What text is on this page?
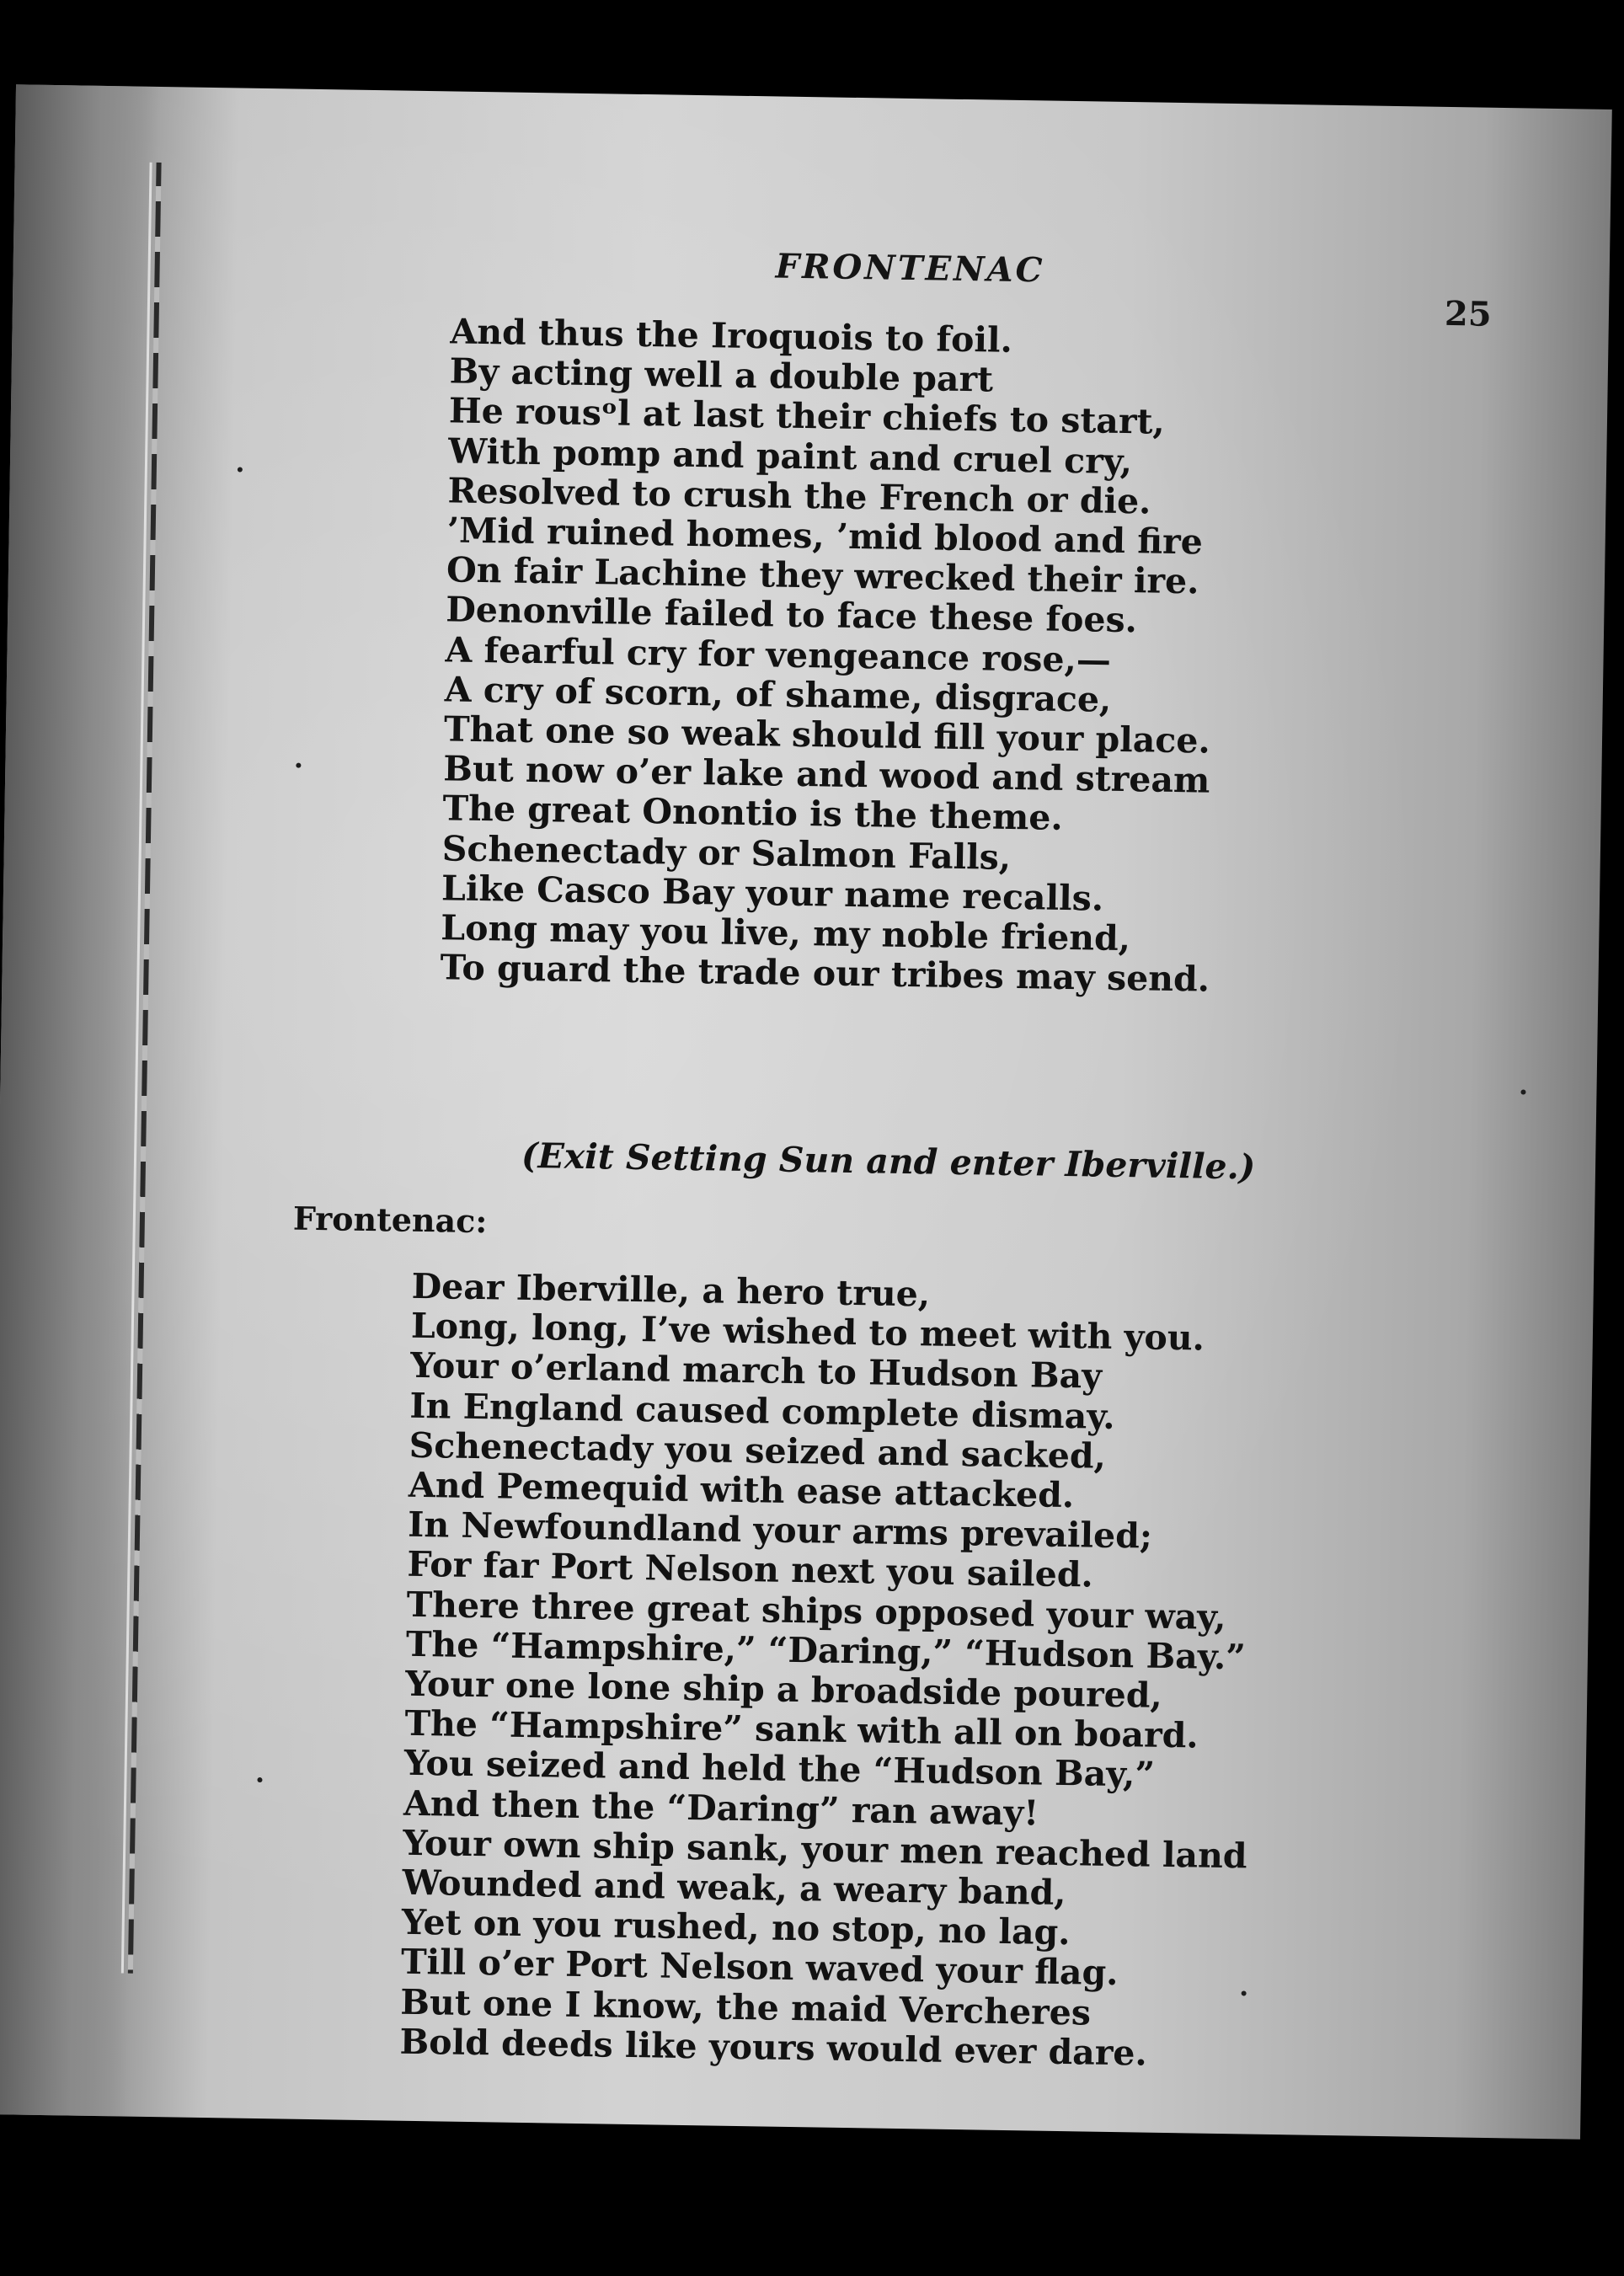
FRONTENAC
25
And thus the Iroquois to foil.
By acting well a double part
He rous⁠ᵒ⁠l at last their chiefs to start,
With pomp and paint and cruel cry,
Resolved to crush the French or die.
’Mid ruined homes, ’mid blood and fire
On fair Lachine they wrecked their ire.
Denonville failed to face these foes.
A fearful cry for vengeance rose,—
A cry of scorn, of shame, disgrace,
That one so weak should fill your place.
But now o’er lake and wood and stream
The great Onontio is the theme.
Schenectady or Salmon Falls,
Like Casco Bay your name recalls.
Long may you live, my noble friend,
To guard the trade our tribes may send.
(Exit Setting Sun and enter Iberville.)
Frontenac:
Dear Iberville, a hero true,
Long, long, I’ve wished to meet with you.
Your o’erland march to Hudson Bay
In England caused complete dismay.
Schenectady you seized and sacked,
And Pemequid with ease attacked.
In Newfoundland your arms prevailed;
For far Port Nelson next you sailed.
There three great ships opposed your way,
The “Hampshire,” “Daring,” “Hudson Bay.”
Your one lone ship a broadside poured,
The “Hampshire” sank with all on board.
You seized and held the “Hudson Bay,”
And then the “Daring” ran away!
Your own ship sank, your men reached land
Wounded and weak, a weary band,
Yet on you rushed, no stop, no lag.
Till o’er Port Nelson waved your flag.
But one I know, the maid Vercheres
Bold deeds like yours would ever dare.
